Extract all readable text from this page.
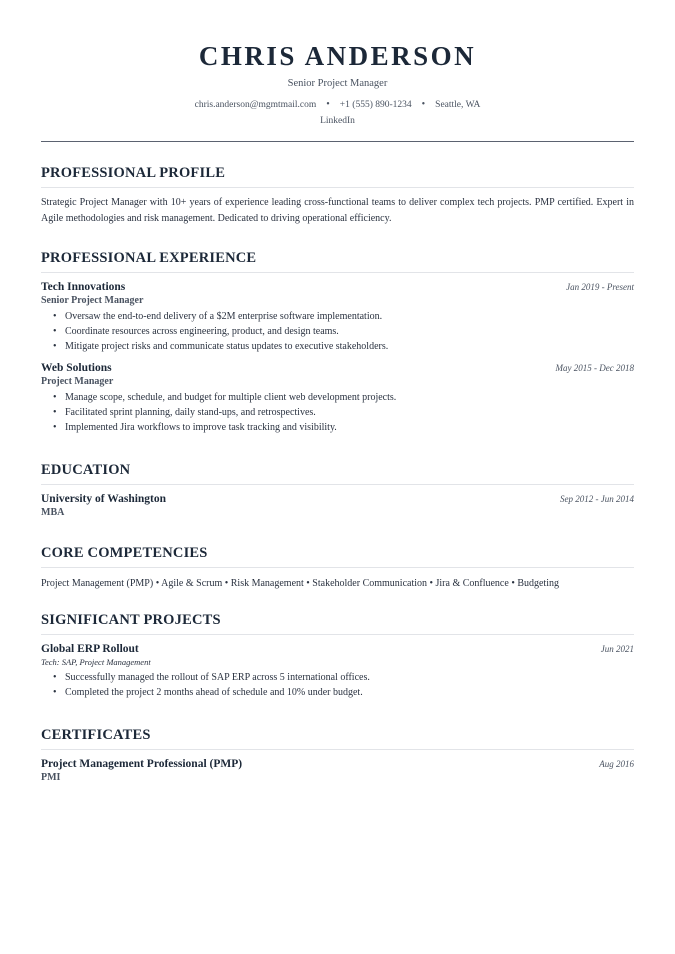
CHRIS ANDERSON
Senior Project Manager
chris.anderson@mgmtmail.com • +1 (555) 890-1234 • Seattle, WA
LinkedIn
PROFESSIONAL PROFILE
Strategic Project Manager with 10+ years of experience leading cross-functional teams to deliver complex tech projects. PMP certified. Expert in Agile methodologies and risk management. Dedicated to driving operational efficiency.
PROFESSIONAL EXPERIENCE
Tech Innovations	Jan 2019 - Present
Senior Project Manager
• Oversaw the end-to-end delivery of a $2M enterprise software implementation.
• Coordinate resources across engineering, product, and design teams.
• Mitigate project risks and communicate status updates to executive stakeholders.
Web Solutions	May 2015 - Dec 2018
Project Manager
• Manage scope, schedule, and budget for multiple client web development projects.
• Facilitated sprint planning, daily stand-ups, and retrospectives.
• Implemented Jira workflows to improve task tracking and visibility.
EDUCATION
University of Washington	Sep 2012 - Jun 2014
MBA
CORE COMPETENCIES
Project Management (PMP) • Agile & Scrum • Risk Management • Stakeholder Communication • Jira & Confluence • Budgeting
SIGNIFICANT PROJECTS
Global ERP Rollout	Jun 2021
Tech: SAP, Project Management
• Successfully managed the rollout of SAP ERP across 5 international offices.
• Completed the project 2 months ahead of schedule and 10% under budget.
CERTIFICATES
Project Management Professional (PMP)	Aug 2016
PMI
